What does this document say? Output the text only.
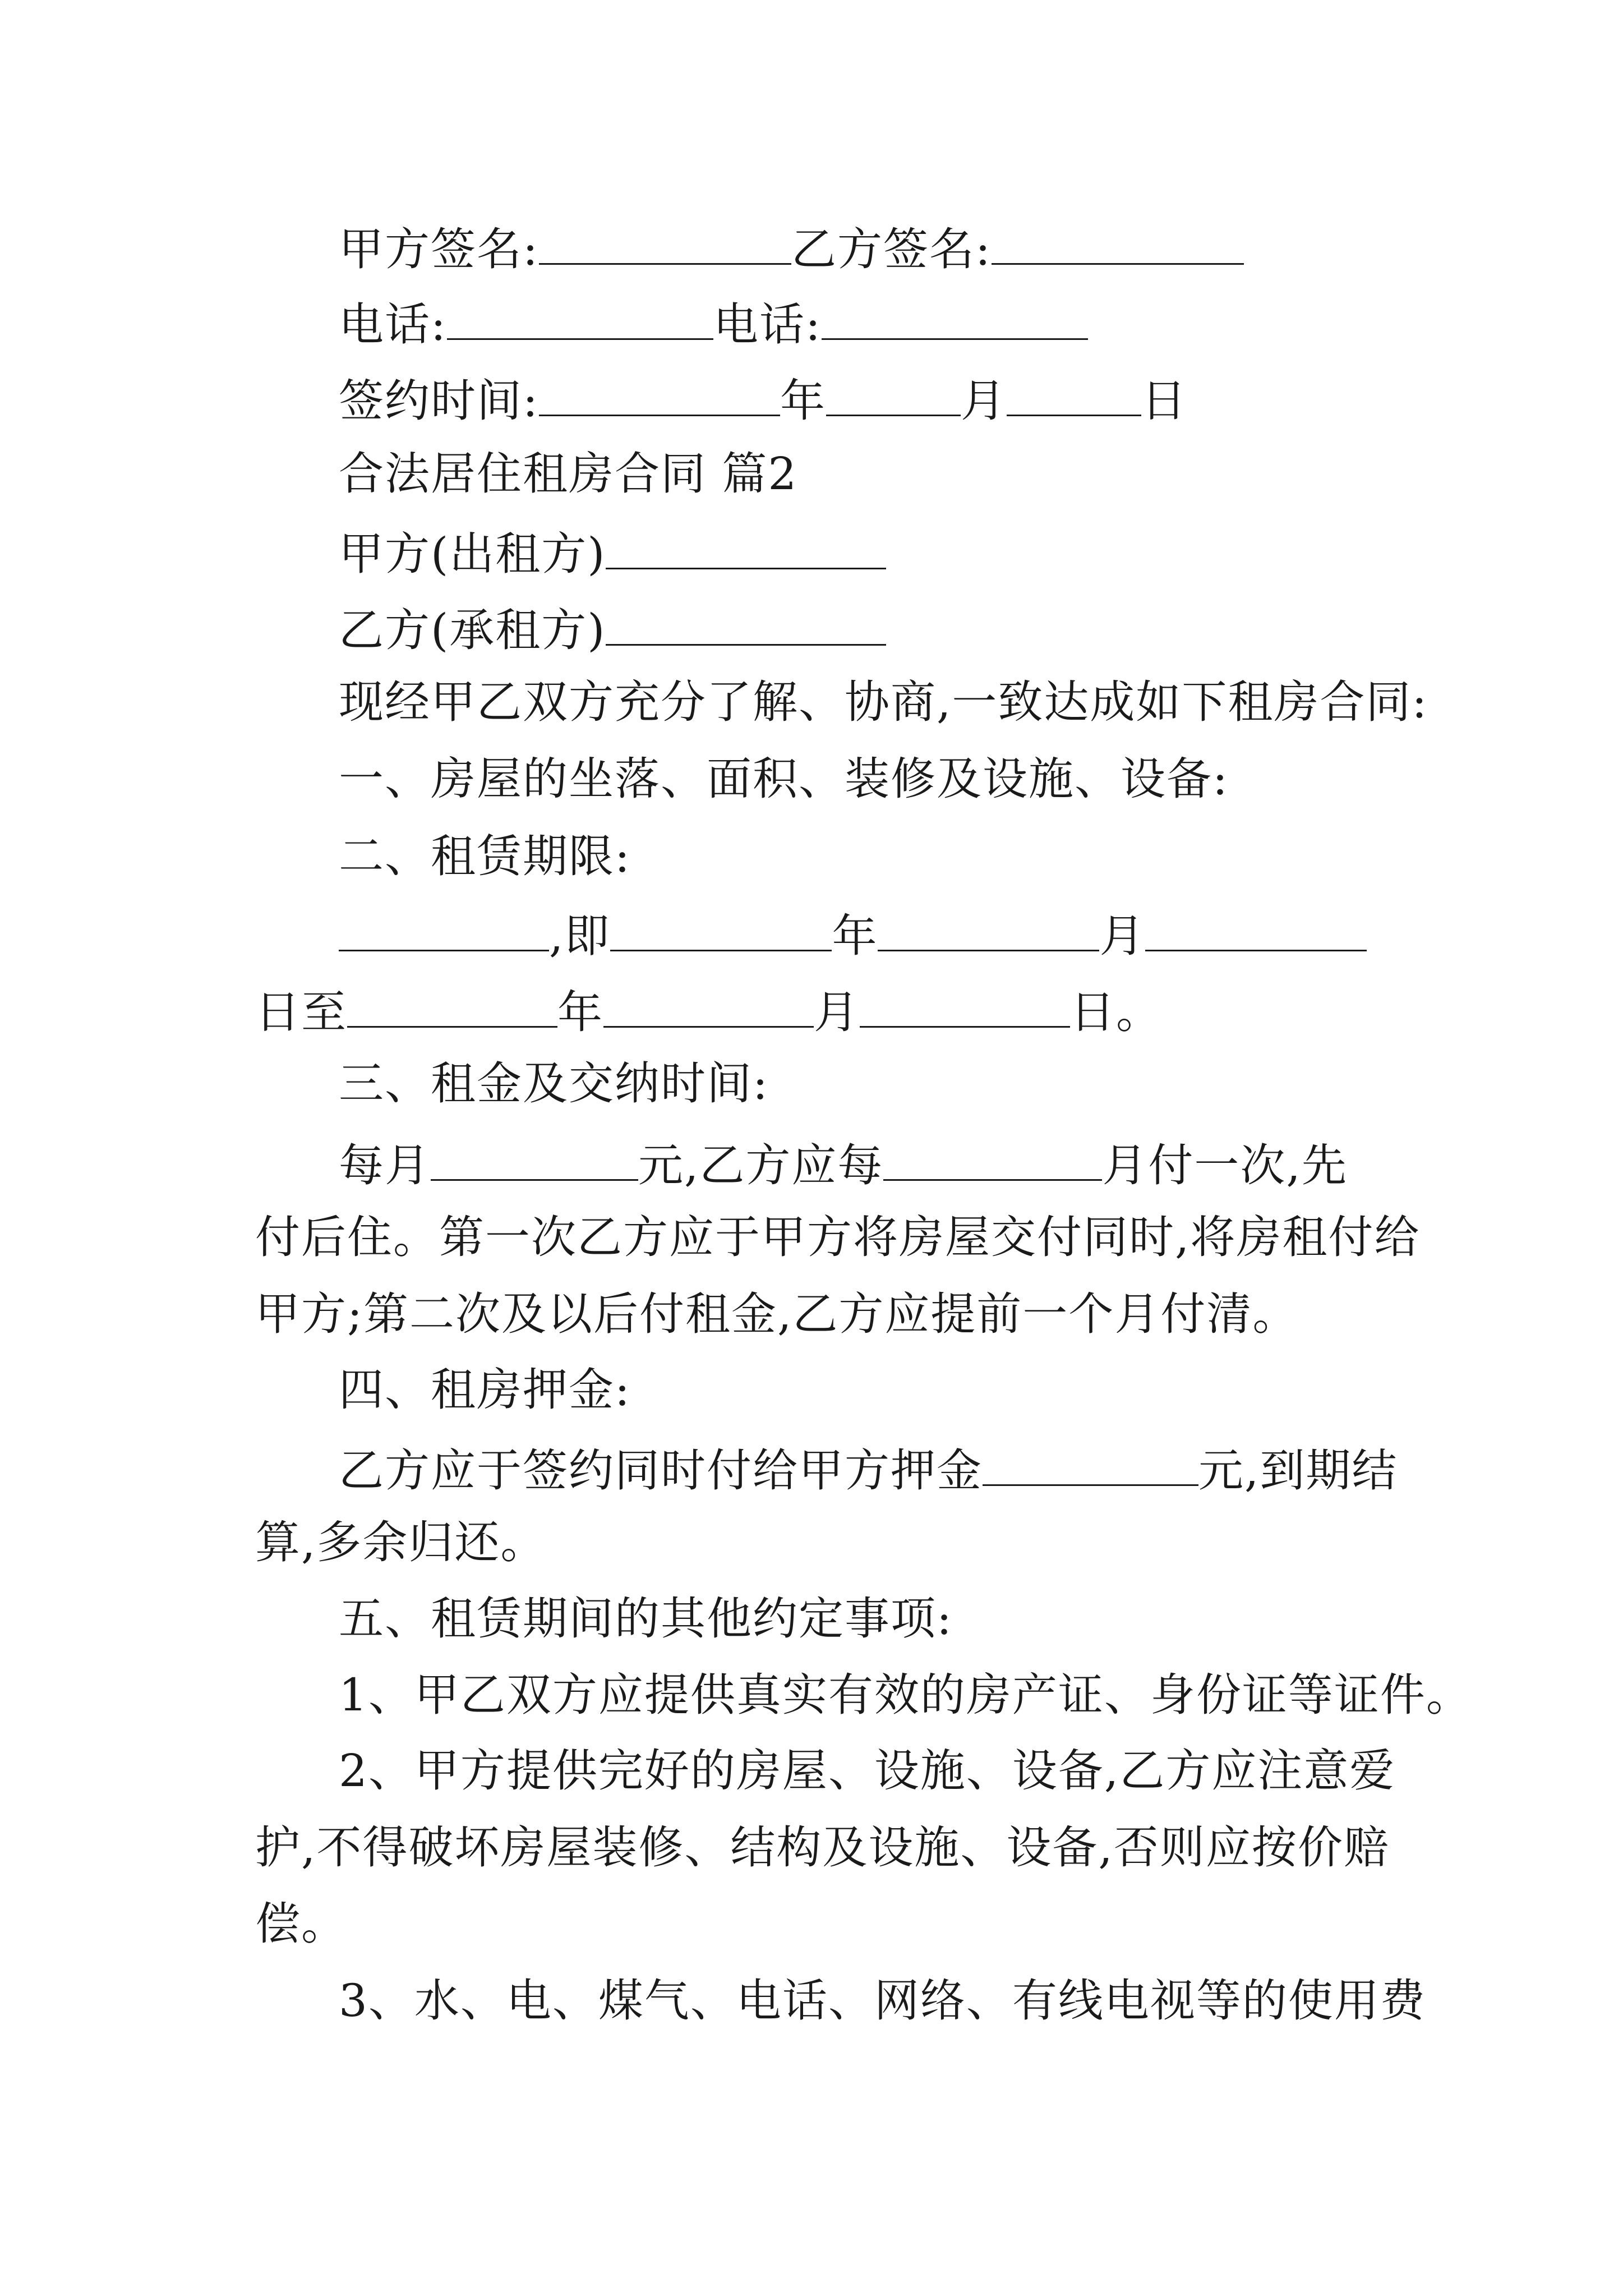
甲方签名:	乙方签名:
电话:	电话:
签约时间:	年	月	日
合法居住租房合同 篇2
甲方(出租方)
乙方(承租方)
现经甲乙双方充分了解、协商,一致达成如下租房合同:
一、房屋的坐落、面积、装修及设施、设备:
二、租赁期限:
,即	年	月
日至	年	月	日。
三、租金及交纳时间:
每月	元,乙方应每	月付一次,先
付后住。第一次乙方应于甲方将房屋交付同时,将房租付给
甲方;第二次及以后付租金,乙方应提前一个月付清。
四、租房押金:
乙方应于签约同时付给甲方押金	元,到期结
算,多余归还。
五、租赁期间的其他约定事项:
1、甲乙双方应提供真实有效的房产证、身份证等证件。
2、甲方提供完好的房屋、设施、设备,乙方应注意爱
护,不得破坏房屋装修、结构及设施、设备,否则应按价赔
偿。
3、水、电、煤气、电话、网络、有线电视等的使用费
